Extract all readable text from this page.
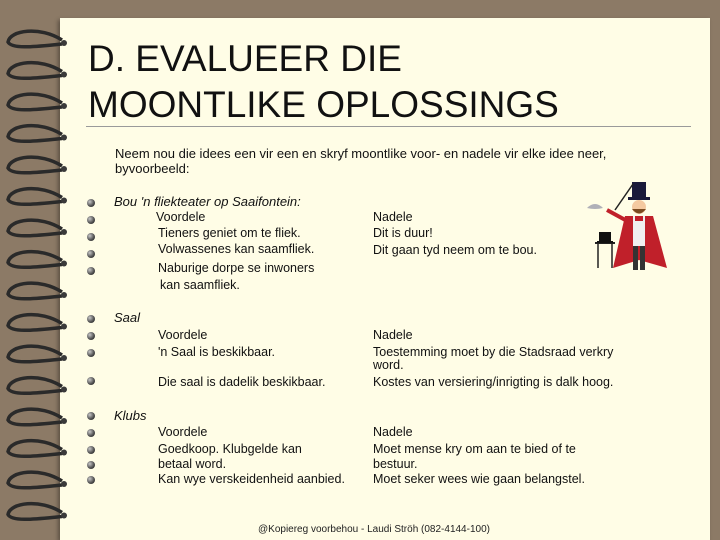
D. EVALUEER DIE
MOONTLIKE OPLOSSINGS
Neem nou die idees een vir een en skryf moontlike voor- en nadele vir elke idee neer, byvoorbeeld:
Bou 'n fliekteater op Saaifontein:
Voordele
Tieners geniet om te fliek.
Volwassenes kan saamfliek.
Naburige dorpe se inwoners
kan saamfliek.
Nadele
Dit is duur!
Dit gaan tyd neem om te bou.
Saal
Voordele
'n Saal is beskikbaar.
Die saal is dadelik beskikbaar.
Nadele
Toestemming moet by die Stadsraad verkry
word.
Kostes van versiering/inrigting is dalk hoog.
Klubs
Voordele
Goedkoop. Klubgelde kan
betaal word.
Kan wye verskeidenheid aanbied.
Nadele
Moet mense kry om aan te bied of te
bestuur.
Moet seker wees wie gaan belangstel.
@Kopiereg voorbehou - Laudi Ströh (082-4144-100)
